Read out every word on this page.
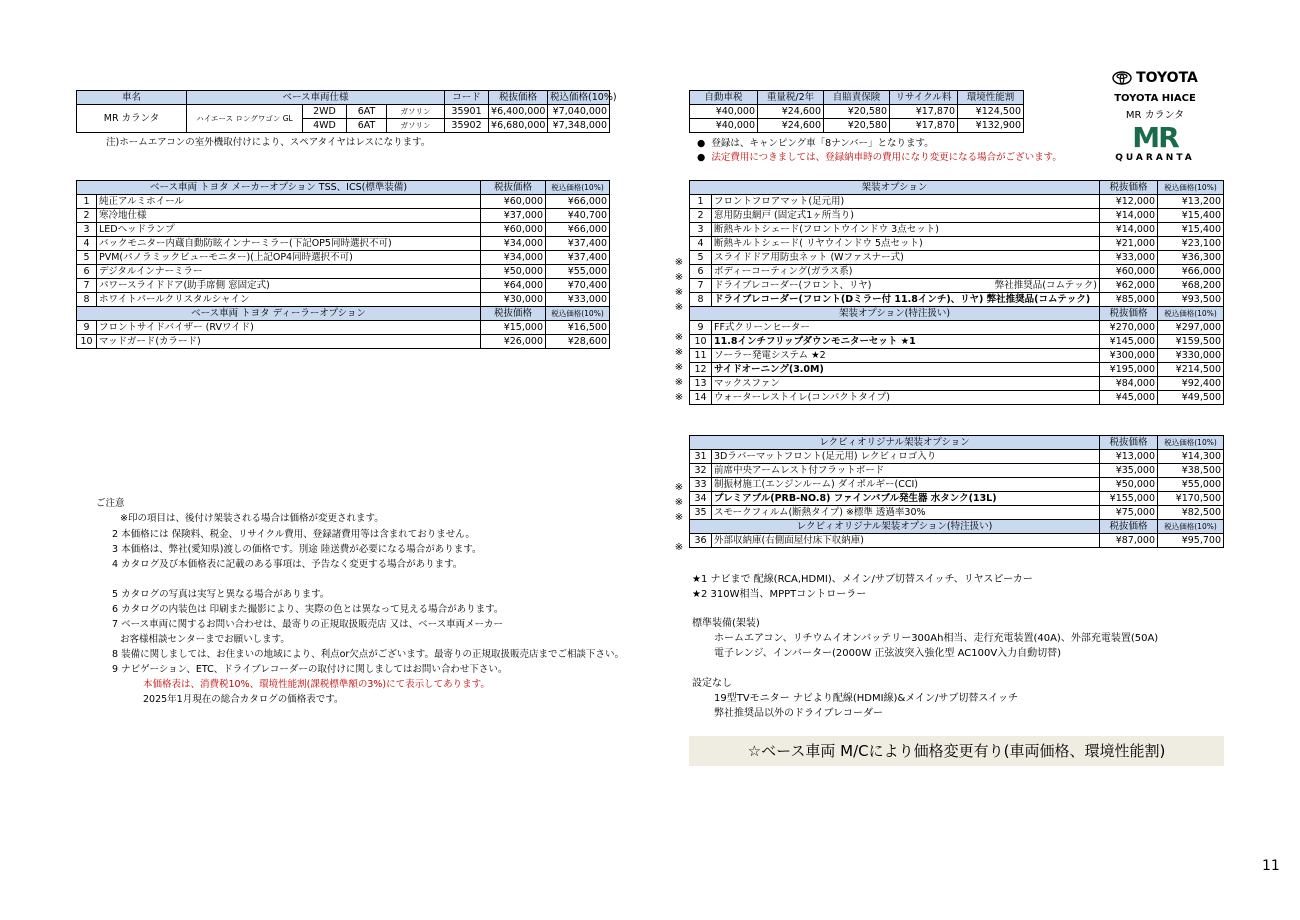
TOYOTA
TOYOTA HIACE
MR カランタ
MR
QUARANTA
車名	ベース車両仕様				コード	税抜価格	税込価格(10%)
MR カランタ	ハイエース ロングワゴン GL	2WD	6AT	ガソリン	35901	¥6,400,000	¥7,040,000
		4WD	6AT	ガソリン	35902	¥6,680,000	¥7,348,000
注)ホームエアコンの室外機取付けにより、スペアタイヤはレスになります。
自動車税	重量税/2年	自賠責保険	リサイクル料	環境性能割
¥40,000	¥24,600	¥20,580	¥17,870	¥124,500
¥40,000	¥24,600	¥20,580	¥17,870	¥132,900
● 登録は、キャンピング車「8ナンバー」となります。
● 法定費用につきましては、登録納車時の費用になり変更になる場合がございます。
ベース車両 トヨタ メーカーオプション TSS、ICS(標準装備)		税抜価格	税込価格(10%)
1	純正アルミホイール	¥60,000	¥66,000
2	寒冷地仕様	¥37,000	¥40,700
3	LEDヘッドランプ	¥60,000	¥66,000
4	バックモニター内蔵自動防眩インナーミラー(下記OP5同時選択不可)	¥34,000	¥37,400
5	PVM(パノラミックビューモニター)(上記OP4同時選択不可)	¥34,000	¥37,400
6	デジタルインナーミラー	¥50,000	¥55,000
7	パワースライドドア(助手席側 窓固定式)	¥64,000	¥70,400
8	ホワイトパールクリスタルシャイン	¥30,000	¥33,000
ベース車両 トヨタ ディーラーオプション		税抜価格	税込価格(10%)
9	フロントサイドバイザー (RVワイド)	¥15,000	¥16,500
10	マッドガード(カラード)	¥26,000	¥28,600
※
※
※
※
※
※
※
※
※
架装オプション		税抜価格	税込価格(10%)
1	フロントフロアマット(足元用)	¥12,000	¥13,200
2	窓用防虫網戸 (固定式1ヶ所当り)	¥14,000	¥15,400
3	断熱キルトシェード(フロントウインドウ 3点セット)	¥14,000	¥15,400
4	断熱キルトシェード( リヤウインドウ 5点セット)	¥21,000	¥23,100
5	スライドドア用防虫ネット (Wファスナー式)	¥33,000	¥36,300
6	ボディーコーティング(ガラス系)	¥60,000	¥66,000
7	ドライブレコーダー(フロント、リヤ) 弊社推奨品(コムテック)	¥62,000	¥68,200
8	ドライブレコーダー(フロント(Dミラー付 11.8インチ)、リヤ) 弊社推奨品(コムテック)	¥85,000	¥93,500
架装オプション(特注扱い)		税抜価格	税込価格(10%)
9	FF式クリーンヒーター	¥270,000	¥297,000
10	11.8インチフリップダウンモニターセット ★1	¥145,000	¥159,500
11	ソーラー発電システム ★2	¥300,000	¥330,000
12	サイドオーニング(3.0M)	¥195,000	¥214,500
13	マックスファン	¥84,000	¥92,400
14	ウォーターレストイレ(コンパクトタイプ)	¥45,000	¥49,500
※
※
※
※
レクビィオリジナル架装オプション		税抜価格	税込価格(10%)
31	3Dラバーマットフロント(足元用) レクビィロゴ入り	¥13,000	¥14,300
32	前席中央アームレスト付フラットボード	¥35,000	¥38,500
33	制振材施工(エンジンルーム) ダイポルギー(CCI)	¥50,000	¥55,000
34	プレミアブル(PRB-NO.8) ファインバブル発生器 水タンク(13L)	¥155,000	¥170,500
35	スモークフィルム(断熱タイプ) ※標準 透過率30%	¥75,000	¥82,500
レクビィオリジナル架装オプション(特注扱い)		税抜価格	税込価格(10%)
36	外部収納庫(右側面屋付床下収納庫)	¥87,000	¥95,700
★1 ナビまで 配線(RCA,HDMI)、メイン/サブ切替スイッチ、リヤスピーカー
★2 310W相当、MPPTコントローラー
標準装備(架装)
ホームエアコン、リチウムイオンバッテリー300Ah相当、走行充電装置(40A)、外部充電装置(50A)
電子レンジ、インバーター(2000W 正弦波突入強化型 AC100V入力自動切替)
設定なし
19型TVモニター ナビより配線(HDMI線)&メイン/サブ切替スイッチ
弊社推奨品以外のドライブレコーダー
☆ベース車両 M/Cにより価格変更有り(車両価格、環境性能割)
ご注意
※印の項目は、後付け架装される場合は価格が変更されます。
2 本価格には 保険料、税金、リサイクル費用、登録諸費用等は含まれておりません。
3 本価格は、弊社(愛知県)渡しの価格です。別途 陸送費が必要になる場合があります。
4 カタログ及び本価格表に記載のある事項は、予告なく変更する場合があります。
5 カタログの写真は実写と異なる場合があります。
6 カタログの内装色は 印刷また撮影により、実際の色とは異なって見える場合があります。
7 ベース車両に関するお問い合わせは、最寄りの正規取扱販売店 又は、ベース車両メーカー
お客様相談センターまでお願いします。
8 装備に関しましては、お住まいの地域により、利点or欠点がございます。最寄りの正規取扱販売店までご相談下さい。
9 ナビゲーション、ETC、ドライブレコーダーの取付けに関しましてはお問い合わせ下さい。
本価格表は、消費税10%、環境性能割(課税標準額の3%)にて表示してあります。
2025年1月現在の総合カタログの価格表です。
11
